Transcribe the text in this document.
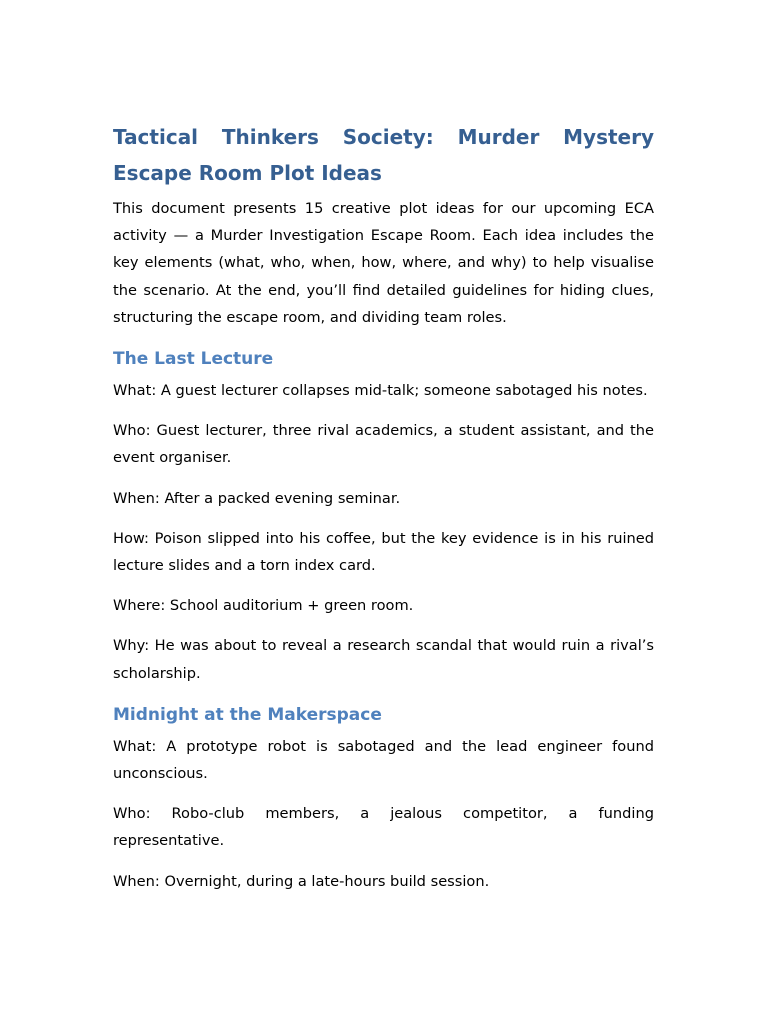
Tactical Thinkers Society: Murder Mystery Escape Room Plot Ideas

This document presents 15 creative plot ideas for our upcoming ECA activity — a Murder Investigation Escape Room. Each idea includes the key elements (what, who, when, how, where, and why) to help visualise the scenario. At the end, you’ll find detailed guidelines for hiding clues, structuring the escape room, and dividing team roles.

The Last Lecture

What: A guest lecturer collapses mid-talk; someone sabotaged his notes.

Who: Guest lecturer, three rival academics, a student assistant, and the event organiser.

When: After a packed evening seminar.

How: Poison slipped into his coffee, but the key evidence is in his ruined lecture slides and a torn index card.

Where: School auditorium + green room.

Why: He was about to reveal a research scandal that would ruin a rival’s scholarship.

Midnight at the Makerspace

What: A prototype robot is sabotaged and the lead engineer found unconscious.

Who: Robo-club members, a jealous competitor, a funding representative.

When: Overnight, during a late-hours build session.
